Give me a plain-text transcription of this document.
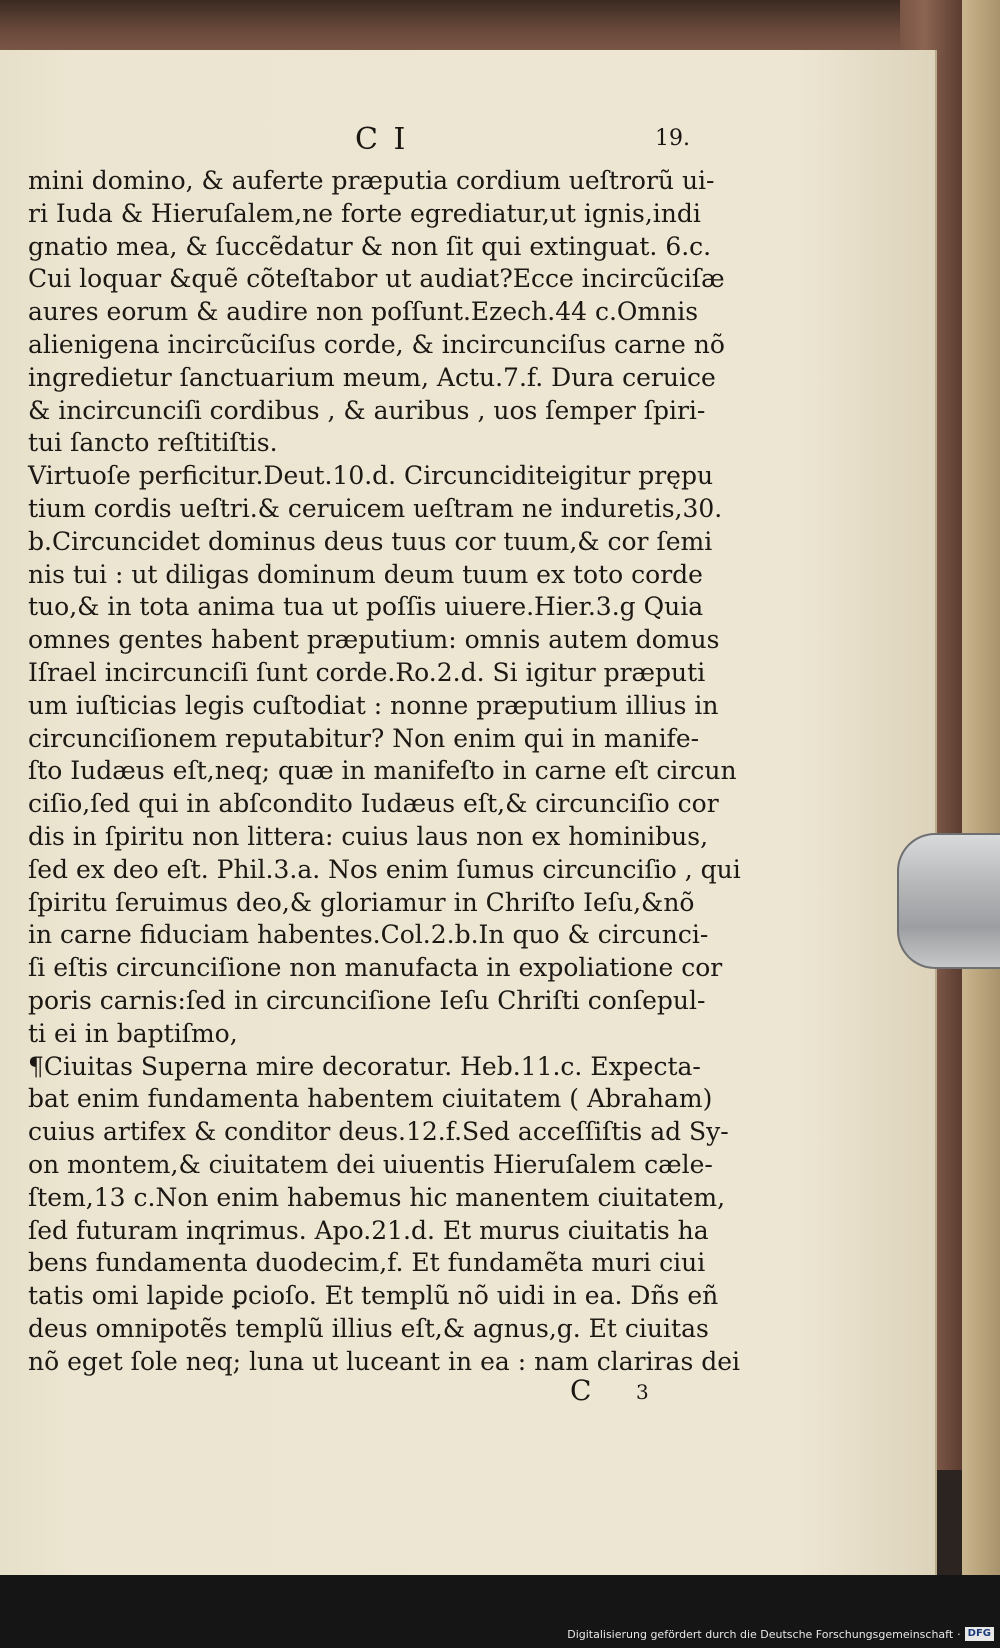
C I	19.
mini domino, & auferte præputia cordium ueſtrorũ ui-
ri Iuda & Hieruſalem,ne forte egrediatur,ut ignis,indi
gnatio mea, & ſuccẽdatur & non ſit qui extinguat. 6.c.
Cui loquar &quẽ cõteſtabor ut audiat?Ecce incircũciſæ
aures eorum & audire non poſſunt.Ezech.44 c.Omnis
alienigena incircũciſus corde, & incircunciſus carne nõ
ingredietur ſanctuarium meum, Actu.7.f. Dura ceruice
& incircunciſi cordibus , & auribus , uos ſemper ſpiri-
tui ſancto reſtitiſtis.
Virtuoſe perficitur.Deut.10.d. Circunciditeigitur prępu
tium cordis ueſtri.& ceruicem ueſtram ne induretis,30.
b.Circuncidet dominus deus tuus cor tuum,& cor ſemi
nis tui : ut diligas dominum deum tuum ex toto corde
tuo,& in tota anima tua ut poſſis uiuere.Hier.3.g Quia
omnes gentes habent præputium: omnis autem domus
Iſrael incircunciſi ſunt corde.Ro.2.d. Si igitur præputi
um iuſticias legis cuſtodiat : nonne præputium illius in
circunciſionem reputabitur? Non enim qui in manife-
ſto Iudæus eſt,neq; quæ in manifeſto in carne eſt circun
ciſio,ſed qui in abſcondito Iudæus eſt,& circunciſio cor
dis in ſpiritu non littera: cuius laus non ex hominibus,
ſed ex deo eſt. Phil.3.a. Nos enim ſumus circunciſio , qui
ſpiritu ſeruimus deo,& gloriamur in Chriſto Ieſu,&nõ
in carne fiduciam habentes.Col.2.b.In quo & circunci-
ſi eſtis circunciſione non manufacta in expoliatione cor
poris carnis:ſed in circunciſione Ieſu Chriſti conſepul-
ti ei in baptiſmo,
¶Ciuitas Superna mire decoratur. Heb.11.c. Expecta-
bat enim fundamenta habentem ciuitatem ( Abraham)
cuius artifex & conditor deus.12.f.Sed acceſſiſtis ad Sy-
on montem,& ciuitatem dei uiuentis Hieruſalem cæle-
ſtem,13 c.Non enim habemus hic manentem ciuitatem,
ſed futuram inqrimus. Apo.21.d. Et murus ciuitatis ha
bens fundamenta duodecim,f. Et fundamẽta muri ciui
tatis omi lapide ꝑcioſo. Et templũ nõ uidi in ea. Dñs eñ
deus omnipotẽs templũ illius eſt,& agnus,g. Et ciuitas
nõ eget ſole neq; luna ut luceant in ea : nam clariras dei
C 3
Digitalisierung gefördert durch die Deutsche Forschungsgemeinschaft · DFG
